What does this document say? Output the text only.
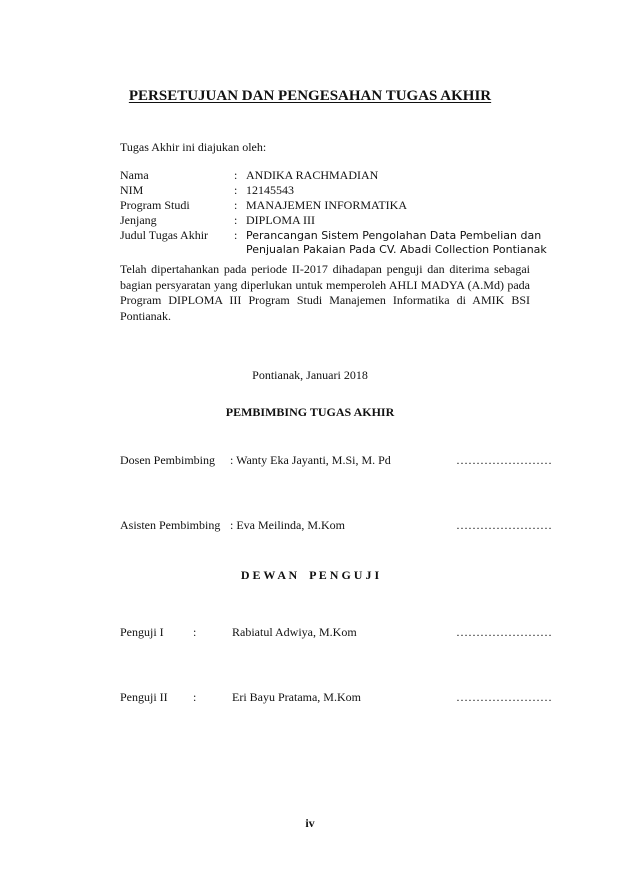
PERSETUJUAN DAN PENGESAHAN TUGAS AKHIR
Tugas Akhir ini diajukan oleh:
Nama	: ANDIKA RACHMADIAN
NIM	: 12145543
Program Studi	: MANAJEMEN INFORMATIKA
Jenjang	: DIPLOMA III
Judul Tugas Akhir : Perancangan Sistem Pengolahan Data Pembelian dan
Penjualan Pakaian Pada CV. Abadi Collection Pontianak

Telah dipertahankan pada periode II-2017 dihadapan penguji dan diterima sebagai bagian persyaratan yang diperlukan untuk memperoleh AHLI MADYA (A.Md) pada Program DIPLOMA III Program Studi Manajemen Informatika di AMIK BSI Pontianak.

Pontianak, Januari 2018
PEMBIMBING TUGAS AKHIR
Dosen Pembimbing : Wanty Eka Jayanti, M.Si, M. Pd	……………………
Asisten Pembimbing : Eva Meilinda, M.Kom	……………………
D E W A N    P E N G U J I
Penguji I :	Rabiatul Adwiya, M.Kom	……………………
Penguji II :	Eri Bayu Pratama, M.Kom	……………………
iv
